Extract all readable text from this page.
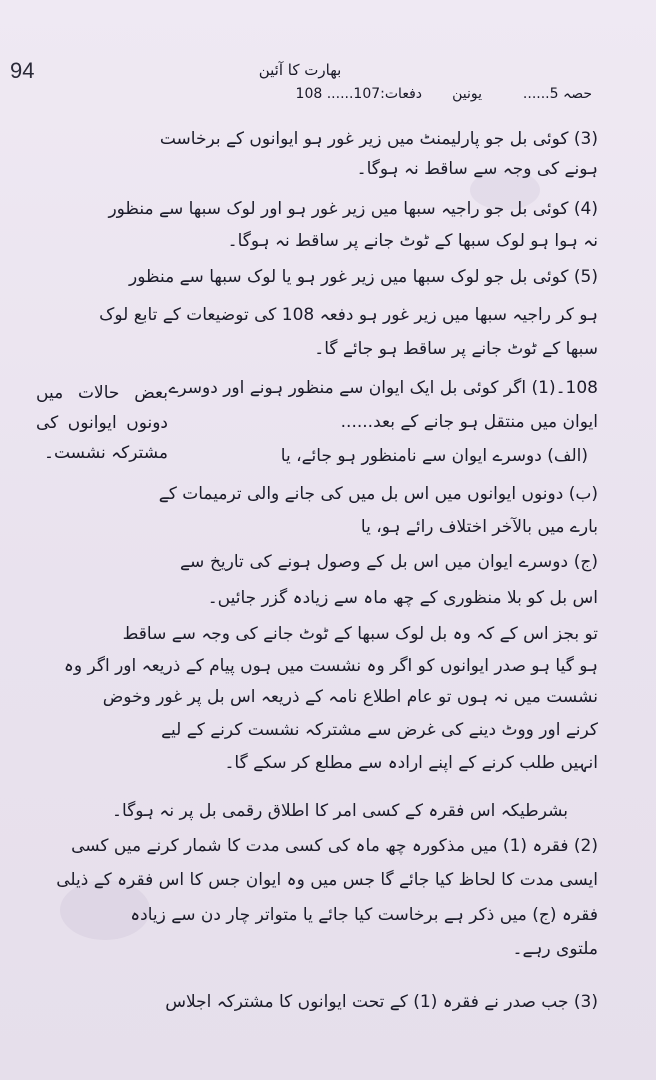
94	بھارت کا آئین
حصہ 5......
یونین
دفعات:107...... 108
(3) کوئی بل جو پارلیمنٹ میں زیر غور ہو ایوانوں کے برخاست
ہونے کی وجہ سے ساقط نہ ہوگا۔
(4) کوئی بل جو راجیہ سبھا میں زیر غور ہو اور لوک سبھا سے منظور
نہ ہوا ہو لوک سبھا کے ٹوٹ جانے پر ساقط نہ ہوگا۔
(5) کوئی بل جو لوک سبھا میں زیر غور ہو یا لوک سبھا سے منظور
ہو کر راجیہ سبھا میں زیر غور ہو دفعہ 108 کی توضیعات کے تابع لوک
سبھا کے ٹوٹ جانے پر ساقط ہو جائے گا۔
108۔(1) اگر کوئی بل ایک ایوان سے منظور ہونے اور دوسرے
ایوان میں منتقل ہو جانے کے بعد......
(الف) دوسرے ایوان سے نامنظور ہو جائے، یا
(ب) دونوں ایوانوں میں اس بل میں کی جانے والی ترمیمات کے
بارے میں بالآخر اختلاف رائے ہو، یا
(ج) دوسرے ایوان میں اس بل کے وصول ہونے کی تاریخ سے
اس بل کو بلا منظوری کے چھ ماہ سے زیادہ گزر جائیں۔
تو بجز اس کے کہ وہ بل لوک سبھا کے ٹوٹ جانے کی وجہ سے ساقط
ہو گیا ہو صدر ایوانوں کو اگر وہ نشست میں ہوں پیام کے ذریعہ اور اگر وہ
نشست میں نہ ہوں تو عام اطلاع نامہ کے ذریعہ اس بل پر غور وخوض
کرنے اور ووٹ دینے کی غرض سے مشترکہ نشست کرنے کے لیے
انہیں طلب کرنے کے اپنے ارادہ سے مطلع کر سکے گا۔
بشرطیکہ اس فقرہ کے کسی امر کا اطلاق رقمی بل پر نہ ہوگا۔
(2) فقرہ (1) میں مذکورہ چھ ماہ کی کسی مدت کا شمار کرنے میں کسی
ایسی مدت کا لحاظ کیا جائے گا جس میں وہ ایوان جس کا اس فقرہ کے ذیلی
فقرہ (ج) میں ذکر ہے برخاست کیا جائے یا متواتر چار دن سے زیادہ
ملتوی رہے۔
(3) جب صدر نے فقرہ (1) کے تحت ایوانوں کا مشترکہ اجلاس
بعض حالات میں
دونوں ایوانوں کی
مشترکہ نشست۔
